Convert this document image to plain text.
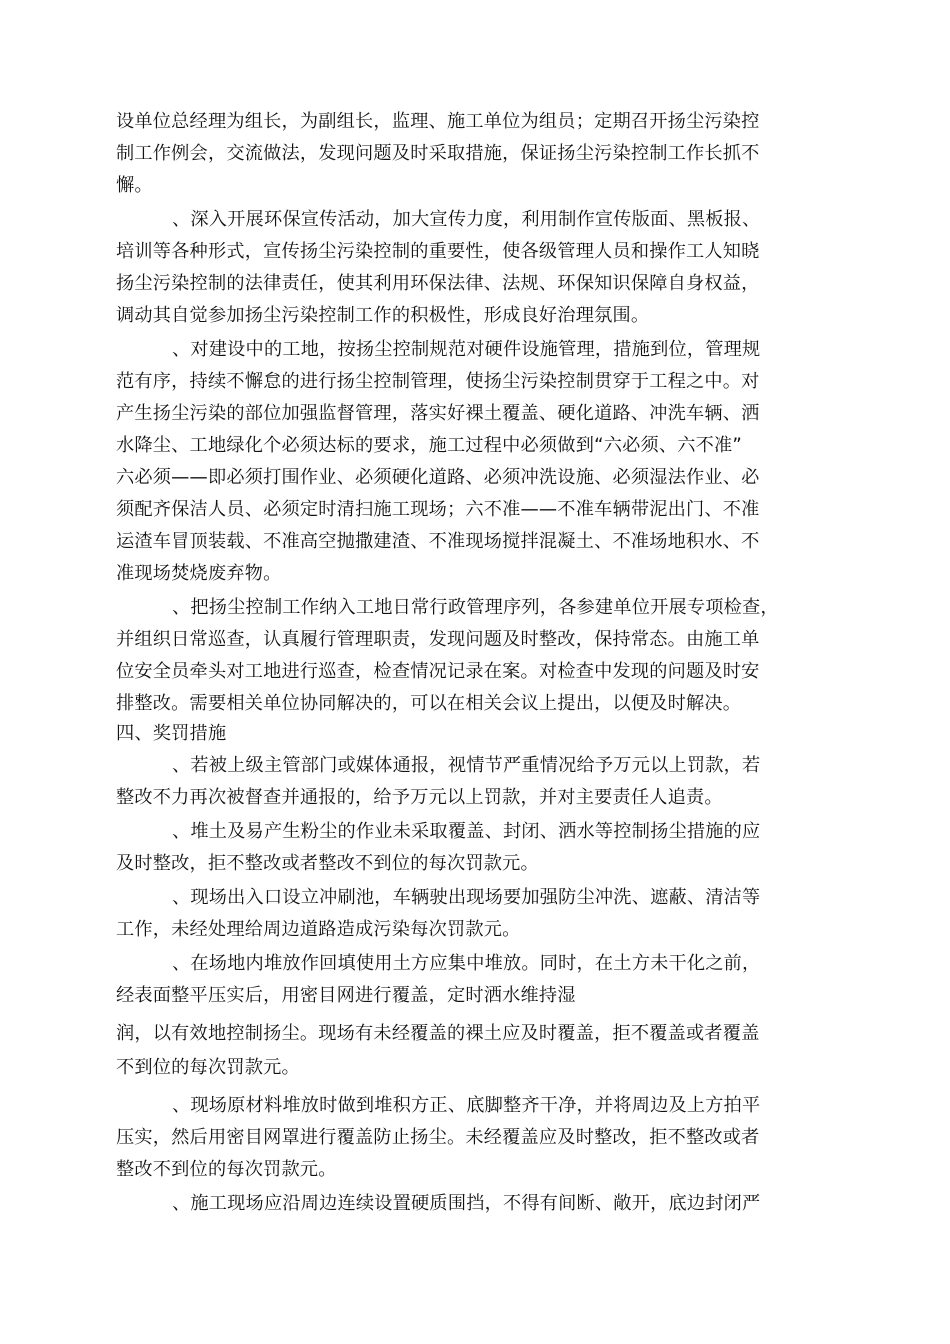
设单位总经理为组长，为副组长，监理、施工单位为组员；定期召开扬尘污染控
制工作例会，交流做法，发现问题及时采取措施，保证扬尘污染控制工作长抓不
懈。
、深入开展环保宣传活动，加大宣传力度，利用制作宣传版面、黑板报、
培训等各种形式，宣传扬尘污染控制的重要性，使各级管理人员和操作工人知晓
扬尘污染控制的法律责任，使其利用环保法律、法规、环保知识保障自身权益，
调动其自觉参加扬尘污染控制工作的积极性，形成良好治理氛围。
、对建设中的工地，按扬尘控制规范对硬件设施管理，措施到位，管理规
范有序，持续不懈怠的进行扬尘控制管理，使扬尘污染控制贯穿于工程之中。对
产生扬尘污染的部位加强监督管理，落实好裸土覆盖、硬化道路、冲洗车辆、洒
水降尘、工地绿化个必须达标的要求，施工过程中必须做到“六必须、六不准”
六必须——即必须打围作业、必须硬化道路、必须冲洗设施、必须湿法作业、必
须配齐保洁人员、必须定时清扫施工现场；六不准——不准车辆带泥出门、不准
运渣车冒顶装载、不准高空抛撒建渣、不准现场搅拌混凝土、不准场地积水、不
准现场焚烧废弃物。
、把扬尘控制工作纳入工地日常行政管理序列，各参建单位开展专项检查，
并组织日常巡查，认真履行管理职责，发现问题及时整改，保持常态。由施工单
位安全员牵头对工地进行巡查，检查情况记录在案。对检查中发现的问题及时安
排整改。需要相关单位协同解决的，可以在相关会议上提出，以便及时解决。
四、奖罚措施
、若被上级主管部门或媒体通报，视情节严重情况给予万元以上罚款，若
整改不力再次被督查并通报的，给予万元以上罚款，并对主要责任人追责。
、堆土及易产生粉尘的作业未采取覆盖、封闭、洒水等控制扬尘措施的应
及时整改，拒不整改或者整改不到位的每次罚款元。
、现场出入口设立冲刷池，车辆驶出现场要加强防尘冲洗、遮蔽、清洁等
工作，未经处理给周边道路造成污染每次罚款元。
、在场地内堆放作回填使用土方应集中堆放。同时，在土方未干化之前，
经表面整平压实后，用密目网进行覆盖，定时洒水维持湿
润，以有效地控制扬尘。现场有未经覆盖的裸土应及时覆盖，拒不覆盖或者覆盖
不到位的每次罚款元。
、现场原材料堆放时做到堆积方正、底脚整齐干净，并将周边及上方拍平
压实，然后用密目网罩进行覆盖防止扬尘。未经覆盖应及时整改，拒不整改或者
整改不到位的每次罚款元。
、施工现场应沿周边连续设置硬质围挡，不得有间断、敞开，底边封闭严
